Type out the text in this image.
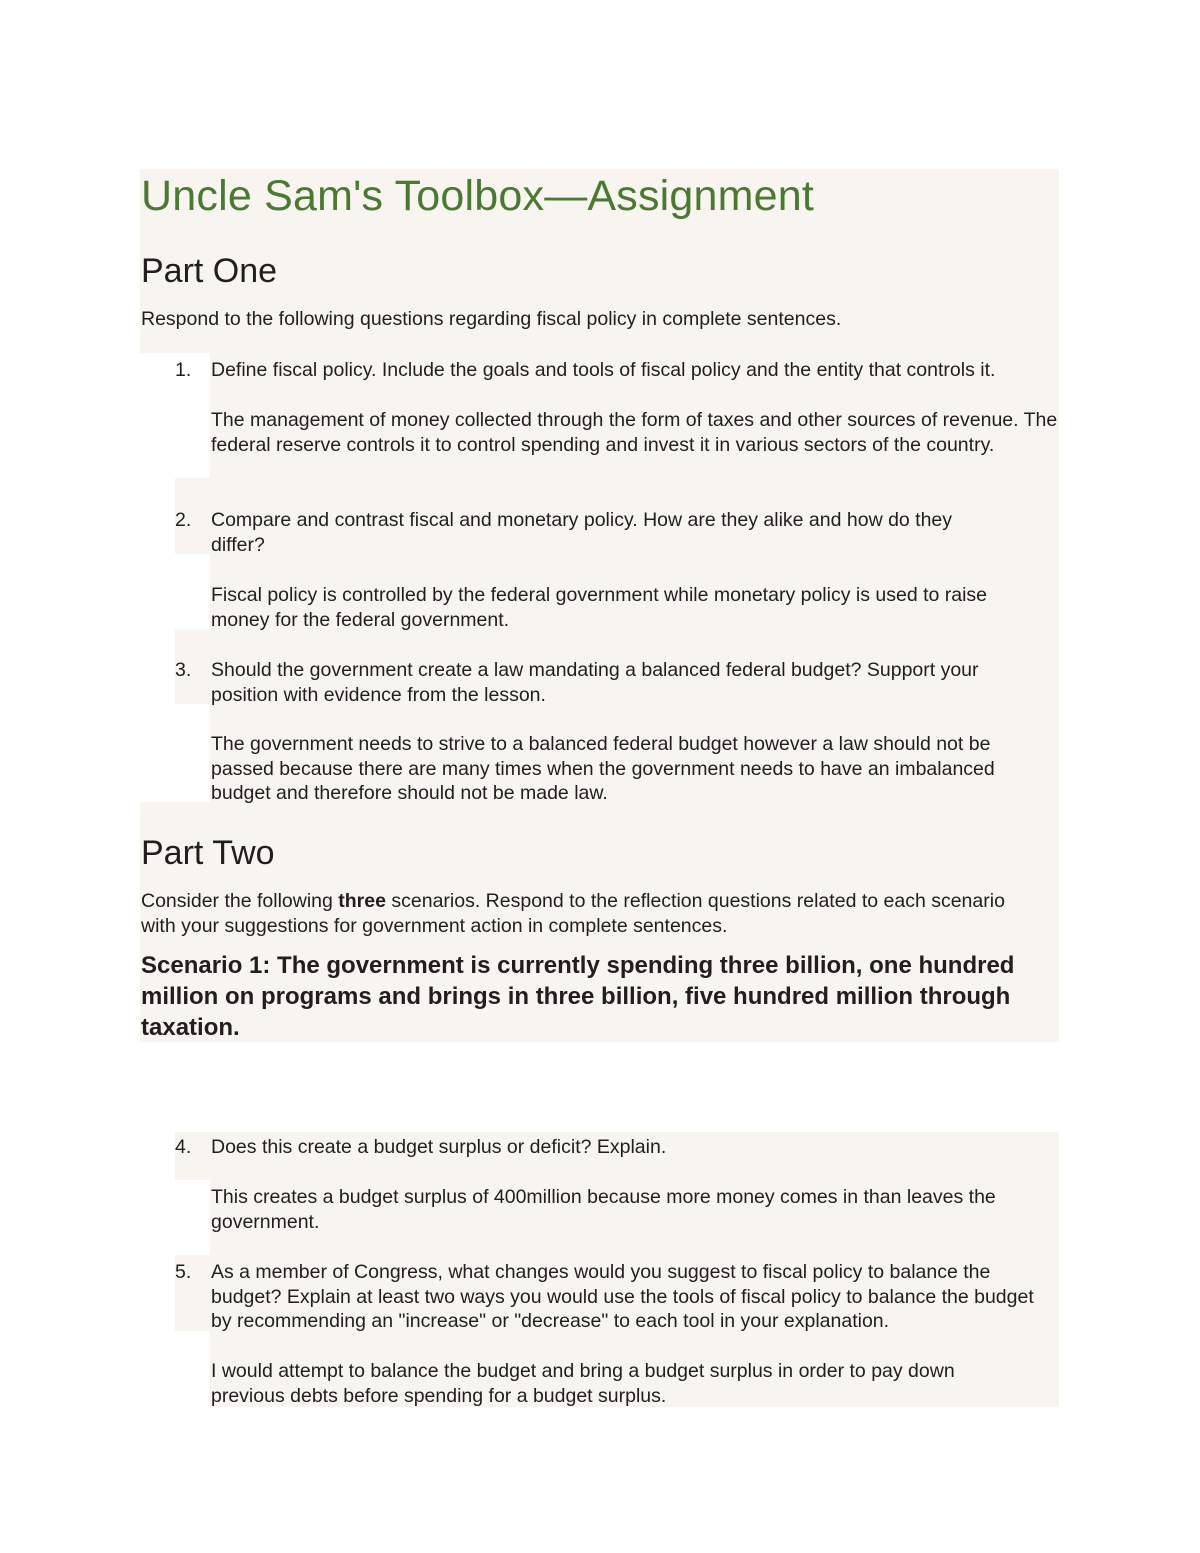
Uncle Sam's Toolbox—Assignment
Part One

Respond to the following questions regarding fiscal policy in complete sentences.

1.	Define fiscal policy. Include the goals and tools of fiscal policy and the entity that controls it.
The management of money collected through the form of taxes and other sources of revenue. The federal reserve controls it to control spending and invest it in various sectors of the country.
2.	Compare and contrast fiscal and monetary policy. How are they alike and how do they differ?
Fiscal policy is controlled by the federal government while monetary policy is used to raise money for the federal government.
3.	Should the government create a law mandating a balanced federal budget? Support your position with evidence from the lesson.
The government needs to strive to a balanced federal budget however a law should not be passed because there are many times when the government needs to have an imbalanced budget and therefore should not be made law.
Part Two

Consider the following three scenarios. Respond to the reflection questions related to each scenario with your suggestions for government action in complete sentences.

Scenario 1: The government is currently spending three billion, one hundred million on programs and brings in three billion, five hundred million through taxation.

4.	Does this create a budget surplus or deficit? Explain.
This creates a budget surplus of 400million because more money comes in than leaves the government.
5.	As a member of Congress, what changes would you suggest to fiscal policy to balance the budget? Explain at least two ways you would use the tools of fiscal policy to balance the budget by recommending an "increase" or "decrease" to each tool in your explanation.
I would attempt to balance the budget and bring a budget surplus in order to pay down previous debts before spending for a budget surplus.
